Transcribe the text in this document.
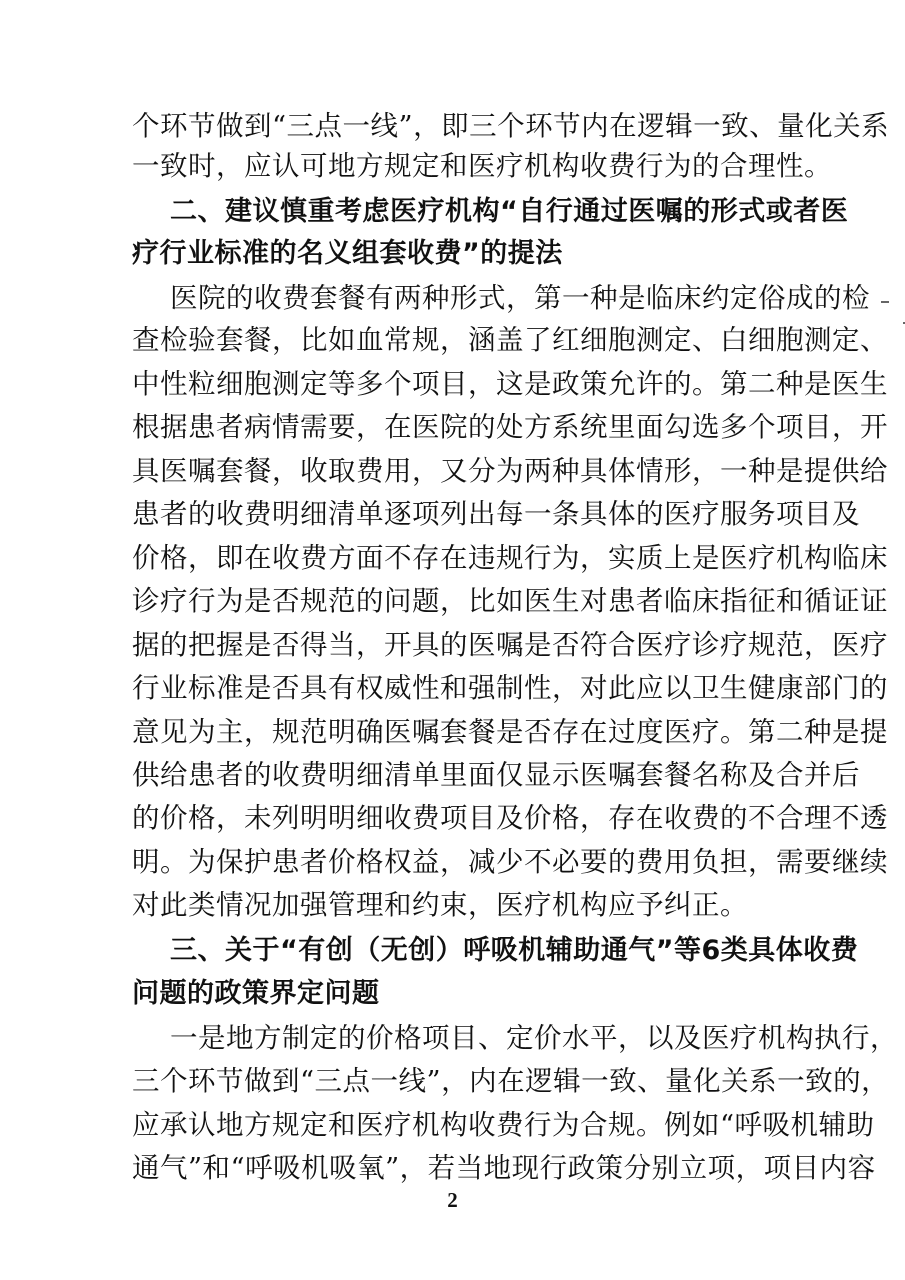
个环节做到“三点一线”，即三个环节内在逻辑一致、量化关系
一致时，应认可地方规定和医疗机构收费行为的合理性。
二、建议慎重考虑医疗机构“自行通过医嘱的形式或者医
疗行业标准的名义组套收费”的提法
医院的收费套餐有两种形式，第一种是临床约定俗成的检
查检验套餐，比如血常规，涵盖了红细胞测定、白细胞测定、
中性粒细胞测定等多个项目，这是政策允许的。第二种是医生
根据患者病情需要，在医院的处方系统里面勾选多个项目，开
具医嘱套餐，收取费用，又分为两种具体情形，一种是提供给
患者的收费明细清单逐项列出每一条具体的医疗服务项目及
价格，即在收费方面不存在违规行为，实质上是医疗机构临床
诊疗行为是否规范的问题，比如医生对患者临床指征和循证证
据的把握是否得当，开具的医嘱是否符合医疗诊疗规范，医疗
行业标准是否具有权威性和强制性，对此应以卫生健康部门的
意见为主，规范明确医嘱套餐是否存在过度医疗。第二种是提
供给患者的收费明细清单里面仅显示医嘱套餐名称及合并后
的价格，未列明明细收费项目及价格，存在收费的不合理不透
明。为保护患者价格权益，减少不必要的费用负担，需要继续
对此类情况加强管理和约束，医疗机构应予纠正。
三、关于“有创（无创）呼吸机辅助通气”等6类具体收费
问题的政策界定问题
一是地方制定的价格项目、定价水平，以及医疗机构执行，
三个环节做到“三点一线”，内在逻辑一致、量化关系一致的，
应承认地方规定和医疗机构收费行为合规。例如“呼吸机辅助
通气”和“呼吸机吸氧”，若当地现行政策分别立项，项目内容
2
